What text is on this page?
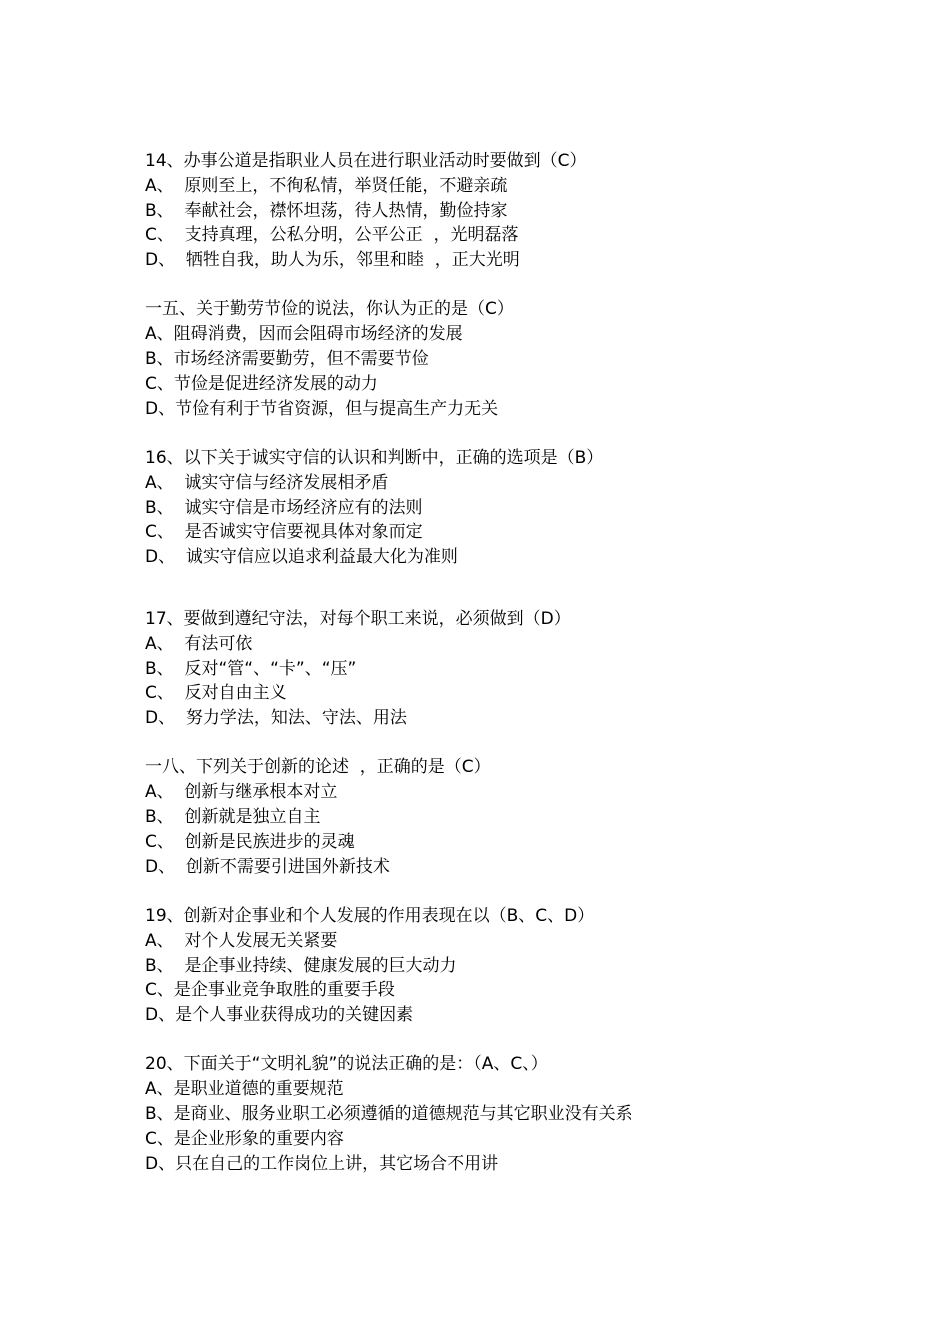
14、办事公道是指职业人员在进行职业活动时要做到（C）
A、  原则至上，不徇私情，举贤任能，不避亲疏
B、  奉献社会，襟怀坦荡，待人热情，勤俭持家
C、  支持真理，公私分明，公平公正  ，光明磊落
D、  牺牲自我，助人为乐，邻里和睦  ，正大光明
一五、关于勤劳节俭的说法，你认为正的是（C）
A、阻碍消费，因而会阻碍市场经济的发展
B、市场经济需要勤劳，但不需要节俭
C、节俭是促进经济发展的动力
D、节俭有利于节省资源，但与提高生产力无关
16、以下关于诚实守信的认识和判断中，正确的选项是（B）
A、  诚实守信与经济发展相矛盾
B、  诚实守信是市场经济应有的法则
C、  是否诚实守信要视具体对象而定
D、  诚实守信应以追求利益最大化为准则
17、要做到遵纪守法，对每个职工来说，必须做到（D）
A、  有法可依
B、  反对“管“、“卡”、“压”
C、  反对自由主义
D、  努力学法，知法、守法、用法
一八、下列关于创新的论述  ，正确的是（C）
A、  创新与继承根本对立
B、  创新就是独立自主
C、  创新是民族进步的灵魂
D、  创新不需要引进国外新技术
19、创新对企事业和个人发展的作用表现在以（B、C、D）
A、  对个人发展无关紧要
B、  是企事业持续、健康发展的巨大动力
C、是企事业竞争取胜的重要手段
D、是个人事业获得成功的关键因素
20、下面关于“文明礼貌”的说法正确的是：（A、C、）
A、是职业道德的重要规范
B、是商业、服务业职工必须遵循的道德规范与其它职业没有关系
C、是企业形象的重要内容
D、只在自己的工作岗位上讲，其它场合不用讲
